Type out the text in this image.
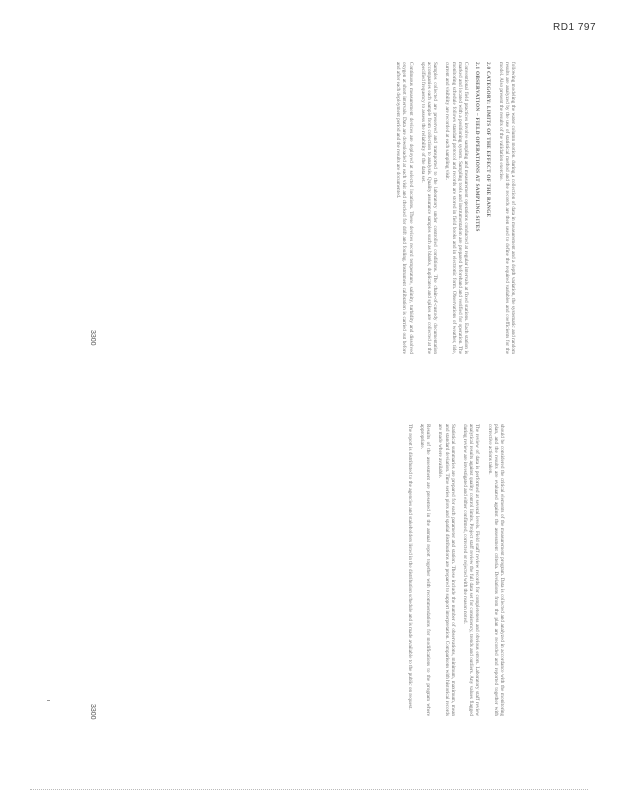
RD1 797
3300
3300

following modeling the water column motion. during a collection of data in measurement and a depth variation, the systematic and random results are analyzed by the use of statistical method and the records are then used to define the required variables and coefficients for the model. Also present the results of the validation exercise.

2.0 CATEGORY: LIMITS OF THE EFFECT OF THE RANGE

2.1 OBSERVATION – FIELD OPERATIONS AT SAMPLING SITES

Conventional field practices involve sampling and measurement operations conducted at regular intervals at fixed stations. Each station is marked and located with a positioning system. Sampling tools and instrumentation are prepared beforehand and verified for operation. The monitoring schedule follows standard protocol and records are stored in field books and in electronic form. Observations of weather, tide, current and visibility are recorded at each sampling visit.

Samples collected are preserved and transported to the laboratory under controlled conditions. The chain-of-custody documentation accompanies each sample from collection to analysis. Quality assurance samples such as blanks, duplicates and spikes are collected at the specified frequency to assess the reliability of the data set.

Continuous measurement devices are deployed at selected locations. These devices record temperature, salinity, turbidity and dissolved oxygen at short intervals. Data are downloaded at each visit and checked for drift and fouling. Instrument calibration is carried out before and after each deployment period and the results are documented.

should be considered the critical elements of the measurement program. Data is collected and analyzed in accordance with the monitoring plan, and the results are evaluated against the assessment criteria. Deviations from the plan are recorded and reported together with corrective actions taken.

The review of data is performed at several levels. Field staff review records for completeness and obvious errors. Laboratory staff review analytical results against quality control limits. Project staff review the full data set for consistency, trends and outliers. Any values flagged during review are investigated and either confirmed, corrected or rejected with the reason noted.

Statistical summaries are prepared for each parameter and station. These include the number of observations, minimum, maximum, mean and standard deviation. Time series plots and spatial distributions are prepared to support interpretation. Comparisons with historical records are made where available.

Results of the assessment are presented in the annual report together with recommendations for modifications to the program where appropriate.

The report is distributed to the agencies and stakeholders listed in the distribution schedule and is made available to the public on request.
